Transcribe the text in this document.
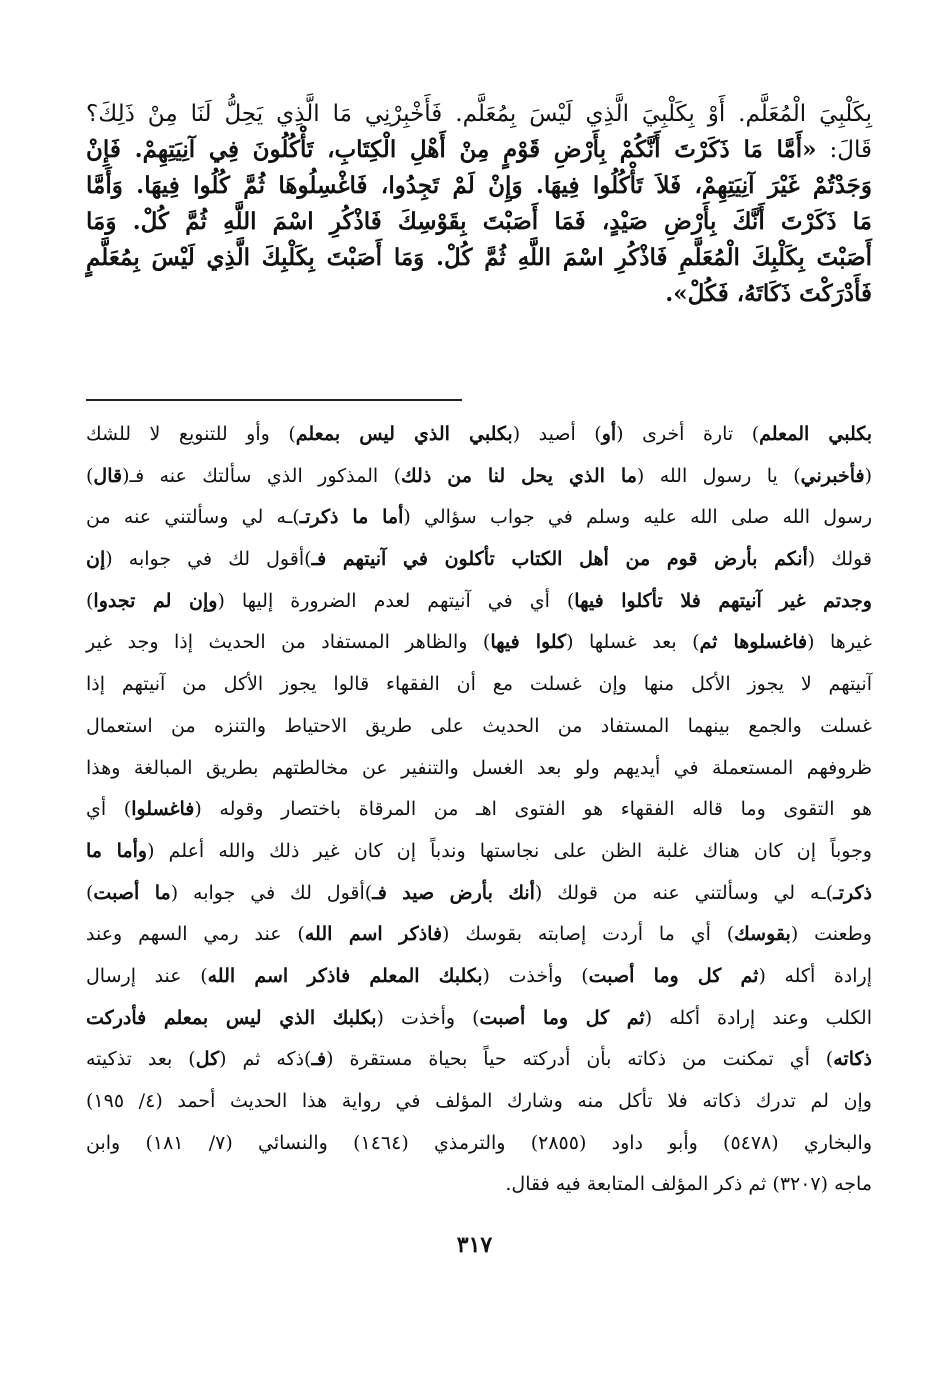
بِكَلْبِيَ الْمُعَلَّم. أَوْ بِكَلْبِيَ الَّذِي لَيْسَ بِمُعَلَّم. فَأَخْبِرْنِي مَا الَّذِي يَحِلُّ لَنَا مِنْ ذَلِكَ؟
قَالَ: «أَمَّا مَا ذَكَرْتَ أَنَّكُمْ بِأَرْضِ قَوْمٍ مِنْ أَهْلِ الْكِتَابِ، تَأْكُلُونَ فِي آنِيَتِهِمْ. فَإِنْ
وَجَدْتُمْ غَيْرَ آنِيَتِهِمْ، فَلاَ تَأْكُلُوا فِيهَا. وَإِنْ لَمْ تَجِدُوا، فَاغْسِلُوهَا ثُمَّ كُلُوا فِيهَا. وَأَمَّا
مَا ذَكَرْتَ أَنَّكَ بِأَرْضِ صَيْدٍ، فَمَا أَصَبْتَ بِقَوْسِكَ فَاذْكُرِ اسْمَ اللَّهِ ثُمَّ كُلْ. وَمَا
أَصَبْتَ بِكَلْبِكَ الْمُعَلَّمِ فَاذْكُرِ اسْمَ اللَّهِ ثُمَّ كُلْ. وَمَا أَصَبْتَ بِكَلْبِكَ الَّذِي لَيْسَ بِمُعَلَّمٍ
فَأَدْرَكْتَ ذَكَاتَهُ، فَكُلْ».
بكلبي المعلم) تارة أخرى (أو) أصيد (بكلبي الذي ليس بمعلم) وأو للتنويع لا للشك
(فأخبرني) يا رسول الله (ما الذي يحل لنا من ذلك) المذكور الذي سألتك عنه فـ(قال)
رسول الله صلى الله عليه وسلم في جواب سؤالي (أما ما ذكرتـ)ـه لي وسألتني عنه من
قولك (أنكم بأرض قوم من أهل الكتاب تأكلون في آنيتهم فـ)أقول لك في جوابه (إن
وجدتم غير آنيتهم فلا تأكلوا فيها) أي في آنيتهم لعدم الضرورة إليها (وإن لم تجدوا)
غيرها (فاغسلوها ثم) بعد غسلها (كلوا فيها) والظاهر المستفاد من الحديث إذا وجد غير
آنيتهم لا يجوز الأكل منها وإن غسلت مع أن الفقهاء قالوا يجوز الأكل من آنيتهم إذا
غسلت والجمع بينهما المستفاد من الحديث على طريق الاحتياط والتنزه من استعمال
ظروفهم المستعملة في أيديهم ولو بعد الغسل والتنفير عن مخالطتهم بطريق المبالغة وهذا
هو التقوى وما قاله الفقهاء هو الفتوى اهـ من المرقاة باختصار وقوله (فاغسلوا) أي
وجوباً إن كان هناك غلبة الظن على نجاستها وندباً إن كان غير ذلك والله أعلم (وأما ما
ذكرتـ)ـه لي وسألتني عنه من قولك (أنك بأرض صيد فـ)أقول لك في جوابه (ما أصبت)
وطعنت (بقوسك) أي ما أردت إصابته بقوسك (فاذكر اسم الله) عند رمي السهم وعند
إرادة أكله (ثم كل وما أصبت) وأخذت (بكلبك المعلم فاذكر اسم الله) عند إرسال
الكلب وعند إرادة أكله (ثم كل وما أصبت) وأخذت (بكلبك الذي ليس بمعلم فأدركت
ذكاته) أي تمكنت من ذكاته بأن أدركته حياً بحياة مستقرة (فـ)ذكه ثم (كل) بعد تذكيته
وإن لم تدرك ذكاته فلا تأكل منه وشارك المؤلف في رواية هذا الحديث أحمد (٤/ ١٩٥)
والبخاري (٥٤٧٨) وأبو داود (٢٨٥٥) والترمذي (١٤٦٤) والنسائي (٧/ ١٨١) وابن
ماجه (٣٢٠٧) ثم ذكر المؤلف المتابعة فيه فقال.
٣١٧
